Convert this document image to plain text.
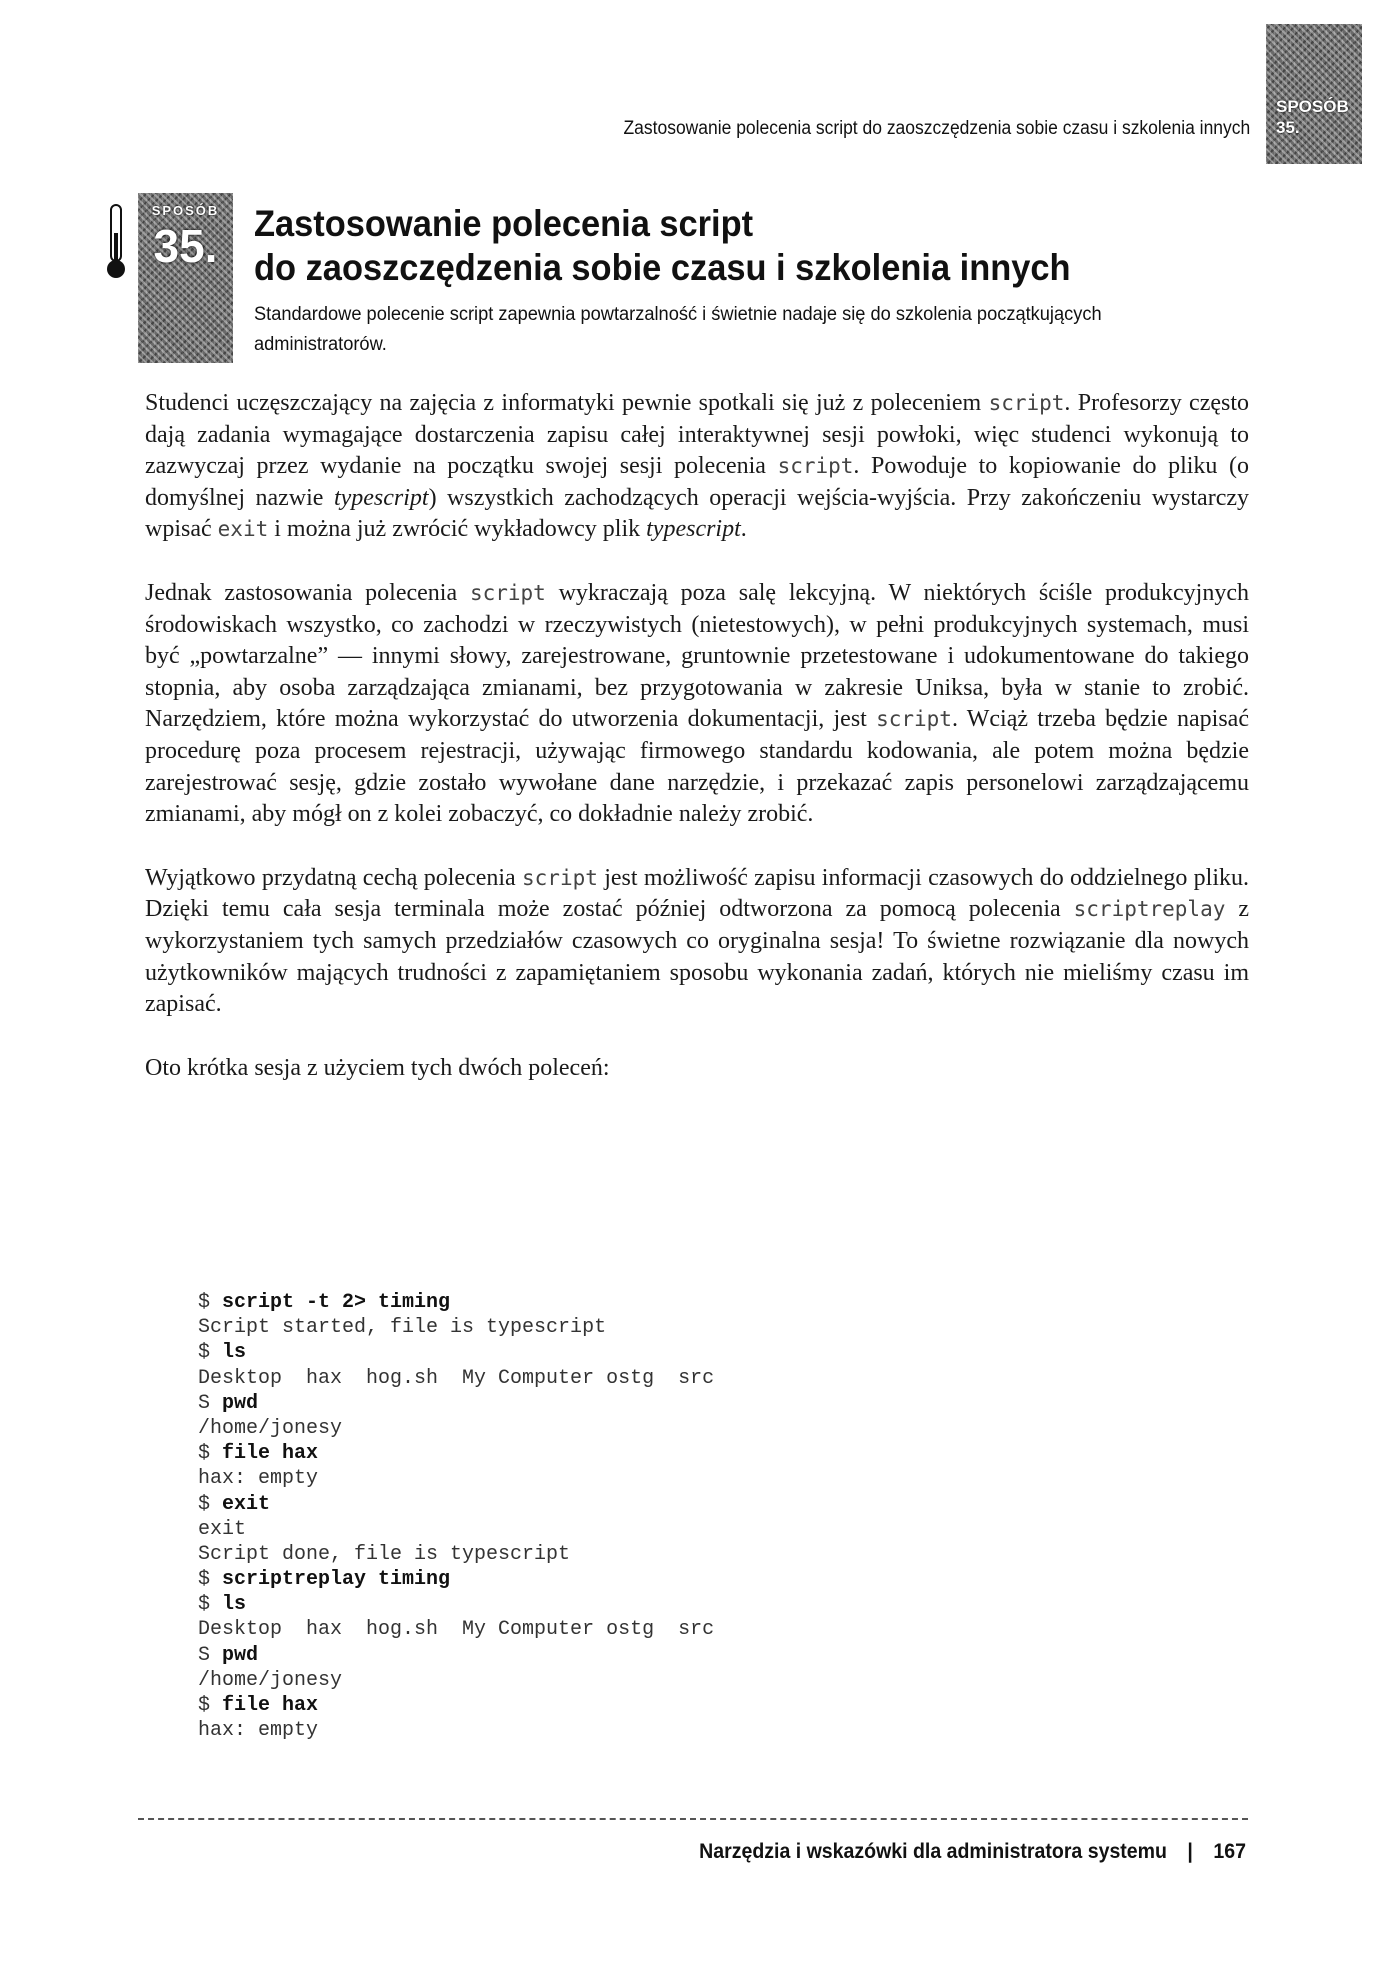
SPOSÓB
35.
Zastosowanie polecenia script do zaoszczędzenia sobie czasu i szkolenia innych
SPOSÓB
35. Zastosowanie polecenia script
do zaoszczędzenia sobie czasu i szkolenia innych
Standardowe polecenie script zapewnia powtarzalność i świetnie nadaje się do szkolenia początkujących administratorów.

Studenci uczęszczający na zajęcia z informatyki pewnie spotkali się już z poleceniem script. Profesorzy często dają zadania wymagające dostarczenia zapisu całej interaktywnej sesji powłoki, więc studenci wykonują to zazwyczaj przez wydanie na początku swojej sesji polecenia script. Powoduje to kopiowanie do pliku (o domyślnej nazwie typescript) wszystkich zachodzących operacji wejścia-wyjścia. Przy zakończeniu wystarczy wpisać exit i można już zwrócić wykładowcy plik typescript.

Jednak zastosowania polecenia script wykraczają poza salę lekcyjną. W niektórych ściśle produkcyjnych środowiskach wszystko, co zachodzi w rzeczywistych (nietestowych), w pełni produkcyjnych systemach, musi być „powtarzalne” — innymi słowy, zarejestrowane, gruntownie przetestowane i udokumentowane do takiego stopnia, aby osoba zarządzająca zmianami, bez przygotowania w zakresie Uniksa, była w stanie to zrobić. Narzędziem, które można wykorzystać do utworzenia dokumentacji, jest script. Wciąż trzeba będzie napisać procedurę poza procesem rejestracji, używając firmowego standardu kodowania, ale potem można będzie zarejestrować sesję, gdzie zostało wywołane dane narzędzie, i przekazać zapis personelowi zarządzającemu zmianami, aby mógł on z kolei zobaczyć, co dokładnie należy zrobić.

Wyjątkowo przydatną cechą polecenia script jest możliwość zapisu informacji czasowych do oddzielnego pliku. Dzięki temu cała sesja terminala może zostać później odtworzona za pomocą polecenia scriptreplay z wykorzystaniem tych samych przedziałów czasowych co oryginalna sesja! To świetne rozwiązanie dla nowych użytkowników mających trudności z zapamiętaniem sposobu wykonania zadań, których nie mieliśmy czasu im zapisać.

Oto krótka sesja z użyciem tych dwóch poleceń:

$ script -t 2> timing
Script started, file is typescript
$ ls
Desktop  hax  hog.sh  My Computer ostg  src
S pwd
/home/jonesy
$ file hax
hax: empty
$ exit
exit
Script done, file is typescript
$ scriptreplay timing
$ ls
Desktop  hax  hog.sh  My Computer ostg  src
S pwd
/home/jonesy
$ file hax
hax: empty
Narzędzia i wskazówki dla administratora systemu | 167
